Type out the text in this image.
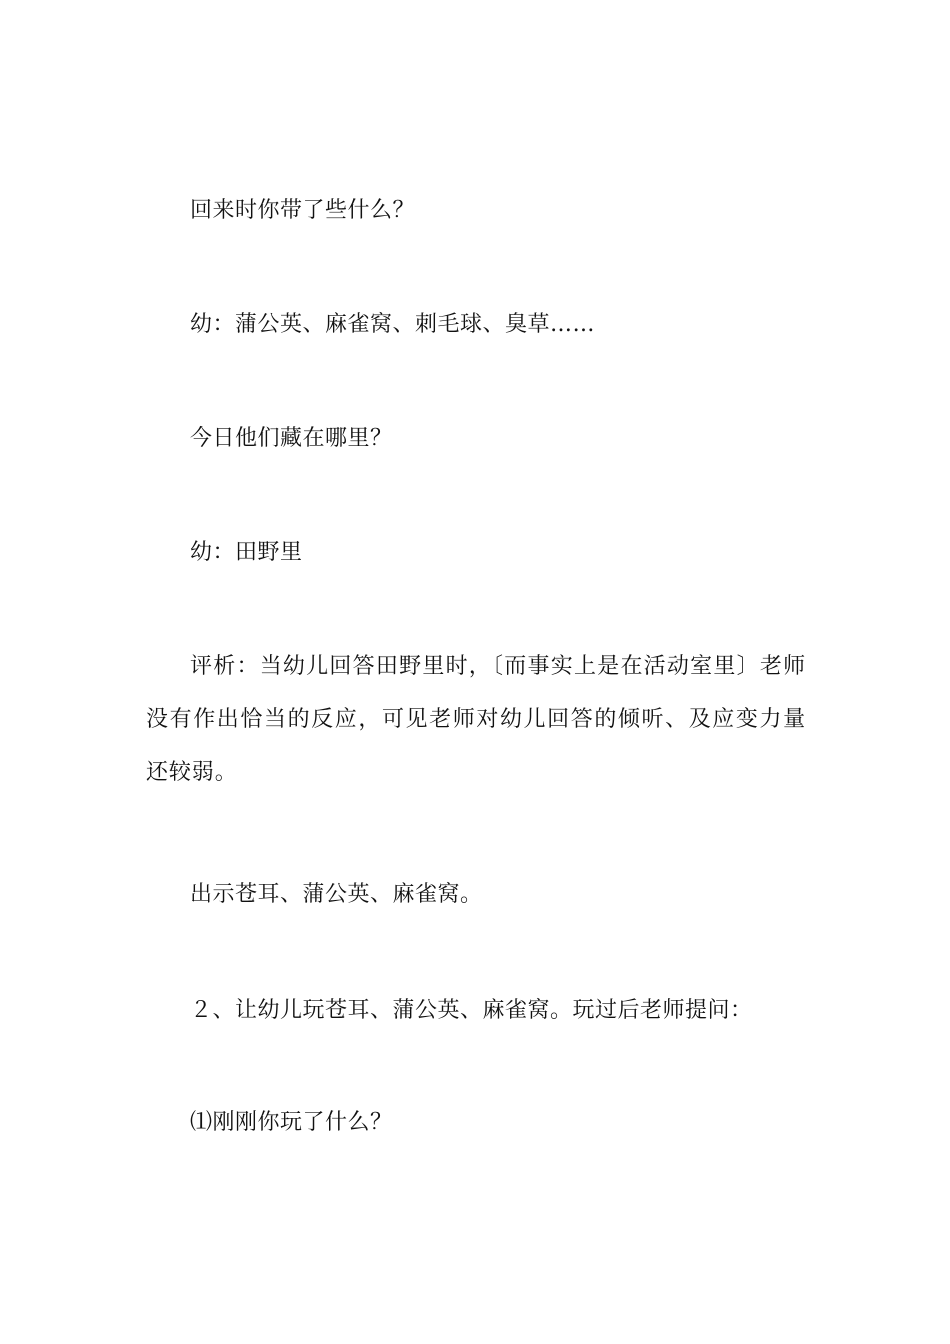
回来时你带了些什么？

幼：蒲公英、麻雀窝、刺毛球、臭草……

今日他们藏在哪里？

幼：田野里

评析：当幼儿回答田野里时，〔而事实上是在活动室里〕老师没有作出恰当的反应，可见老师对幼儿回答的倾听、及应变力量还较弱。

出示苍耳、蒲公英、麻雀窝。

２、让幼儿玩苍耳、蒲公英、麻雀窝。玩过后老师提问：

⑴刚刚你玩了什么？
